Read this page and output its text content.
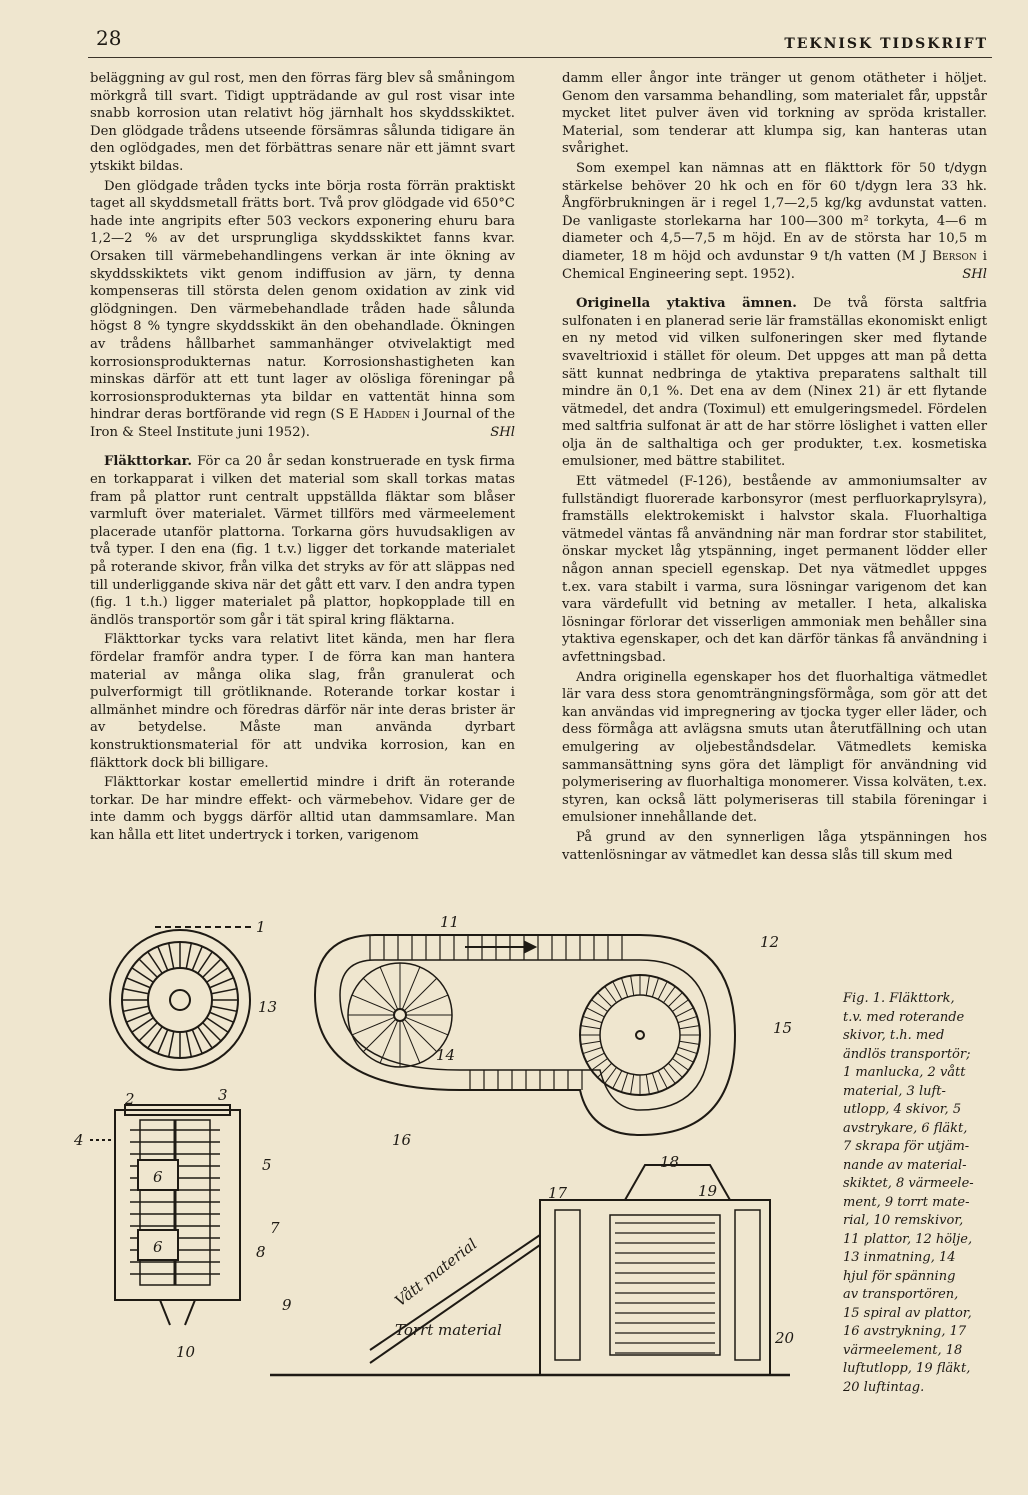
28	TEKNISK TIDSKRIFT

beläggning av gul rost, men den förras färg blev så småningom mörkgrå till svart. Tidigt uppträdande av gul rost visar inte snabb korrosion utan relativt hög järnhalt hos skyddsskiktet. Den glödgade trådens utseende försämras sålunda tidigare än den oglödgades, men det förbättras senare när ett jämnt svart ytskikt bildas.

Den glödgade tråden tycks inte börja rosta förrän praktiskt taget all skyddsmetall frätts bort. Två prov glödgade vid 650°C hade inte angripits efter 503 veckors exponering ehuru bara 1,2—2 % av det ursprungliga skyddsskiktet fanns kvar. Orsaken till värmebehandlingens verkan är inte ökning av skyddsskiktets vikt genom indiffusion av järn, ty denna kompenseras till största delen genom oxidation av zink vid glödgningen. Den värmebehandlade tråden hade sålunda högst 8 % tyngre skyddsskikt än den obehandlade. Ökningen av trådens hållbarhet sammanhänger otvivelaktigt med korrosionsprodukternas natur. Korrosionshastigheten kan minskas därför att ett tunt lager av olösliga föreningar på korrosionsprodukternas yta bildar en vattentät hinna som hindrar deras bortförande vid regn (S E Hadden i Journal of the Iron & Steel Institute juni 1952).	SHl

Fläkttorkar. För ca 20 år sedan konstruerade en tysk firma en torkapparat i vilken det material som skall torkas matas fram på plattor runt centralt uppställda fläktar som blåser varmluft över materialet. Värmet tillförs med värmeelement placerade utanför plattorna. Torkarna görs huvudsakligen av två typer. I den ena (fig. 1 t.v.) ligger det torkande materialet på roterande skivor, från vilka det stryks av för att släppas ned till underliggande skiva när det gått ett varv. I den andra typen (fig. 1 t.h.) ligger materialet på plattor, hopkopplade till en ändlös transportör som går i tät spiral kring fläktarna.

Fläkttorkar tycks vara relativt litet kända, men har flera fördelar framför andra typer. I de förra kan man hantera material av många olika slag, från granulerat och pulverformigt till grötliknande. Roterande torkar kostar i allmänhet mindre och föredras därför när inte deras brister är av betydelse. Måste man använda dyrbart konstruktionsmaterial för att undvika korrosion, kan en fläkttork dock bli billigare.

Fläkttorkar kostar emellertid mindre i drift än roterande torkar. De har mindre effekt- och värmebehov. Vidare ger de inte damm och byggs därför alltid utan dammsamlare. Man kan hålla ett litet undertryck i torken, varigenom

damm eller ångor inte tränger ut genom otätheter i höljet. Genom den varsamma behandling, som materialet får, uppstår mycket litet pulver även vid torkning av spröda kristaller. Material, som tenderar att klumpa sig, kan hanteras utan svårighet.

Som exempel kan nämnas att en fläkttork för 50 t/dygn stärkelse behöver 20 hk och en för 60 t/dygn lera 33 hk. Ångförbrukningen är i regel 1,7—2,5 kg/kg avdunstat vatten. De vanligaste storlekarna har 100—300 m² torkyta, 4—6 m diameter och 4,5—7,5 m höjd. En av de största har 10,5 m diameter, 18 m höjd och avdunstar 9 t/h vatten (M J Berson i Chemical Engineering sept. 1952).	SHl

Originella ytaktiva ämnen. De två första saltfria sulfonaten i en planerad serie lär framställas ekonomiskt enligt en ny metod vid vilken sulfoneringen sker med flytande svaveltrioxid i stället för oleum. Det uppges att man på detta sätt kunnat nedbringa de ytaktiva preparatens salthalt till mindre än 0,1 %. Det ena av dem (Ninex 21) är ett flytande vätmedel, det andra (Toximul) ett emulgeringsmedel. Fördelen med saltfria sulfonat är att de har större löslighet i vatten eller olja än de salthaltiga och ger produkter, t.ex. kosmetiska emulsioner, med bättre stabilitet.

Ett vätmedel (F-126), bestående av ammoniumsalter av fullständigt fluorerade karbonsyror (mest perfluorkaprylsyra), framställs elektrokemiskt i halvstor skala. Fluorhaltiga vätmedel väntas få användning när man fordrar stor stabilitet, önskar mycket låg ytspänning, inget permanent lödder eller någon annan speciell egenskap. Det nya vätmedlet uppges t.ex. vara stabilt i varma, sura lösningar varigenom det kan vara värdefullt vid betning av metaller. I heta, alkaliska lösningar förlorar det visserligen ammoniak men behåller sina ytaktiva egenskaper, och det kan därför tänkas få användning i avfettningsbad.

Andra originella egenskaper hos det fluorhaltiga vätmedlet lär vara dess stora genomträngningsförmåga, som gör att det kan användas vid impregnering av tjocka tyger eller läder, och dess förmåga att avlägsna smuts utan återutfällning och utan emulgering av oljebeståndsdelar. Vätmedlets kemiska sammansättning syns göra det lämpligt för användning vid polymerisering av fluorhaltiga monomerer. Vissa kolväten, t.ex. styren, kan också lätt polymeriseras till stabila föreningar i emulsioner innehållande det.

På grund av den synnerligen låga ytspänningen hos vattenlösningar av vätmedlet kan dessa slås till skum med

1
2	3
4
5
6
6
7
8
9
10
11
12
13
14
15
16
17
18
19
20
Vått material
Torrt material
Fig. 1. Fläkttork,
t.v. med roterande
skivor, t.h. med
ändlös transportör;
1 manlucka, 2 vått
material, 3 luft-
utlopp, 4 skivor, 5
avstrykare, 6 fläkt,
7 skrapa för utjäm-
nande av material-
skiktet, 8 värmeele-
ment, 9 torrt mate-
rial, 10 remskivor,
11 plattor, 12 hölje,
13 inmatning, 14
hjul för spänning
av transportören,
15 spiral av plattor,
16 avstrykning, 17
värmeelement, 18
luftutlopp, 19 fläkt,
20 luftintag.
